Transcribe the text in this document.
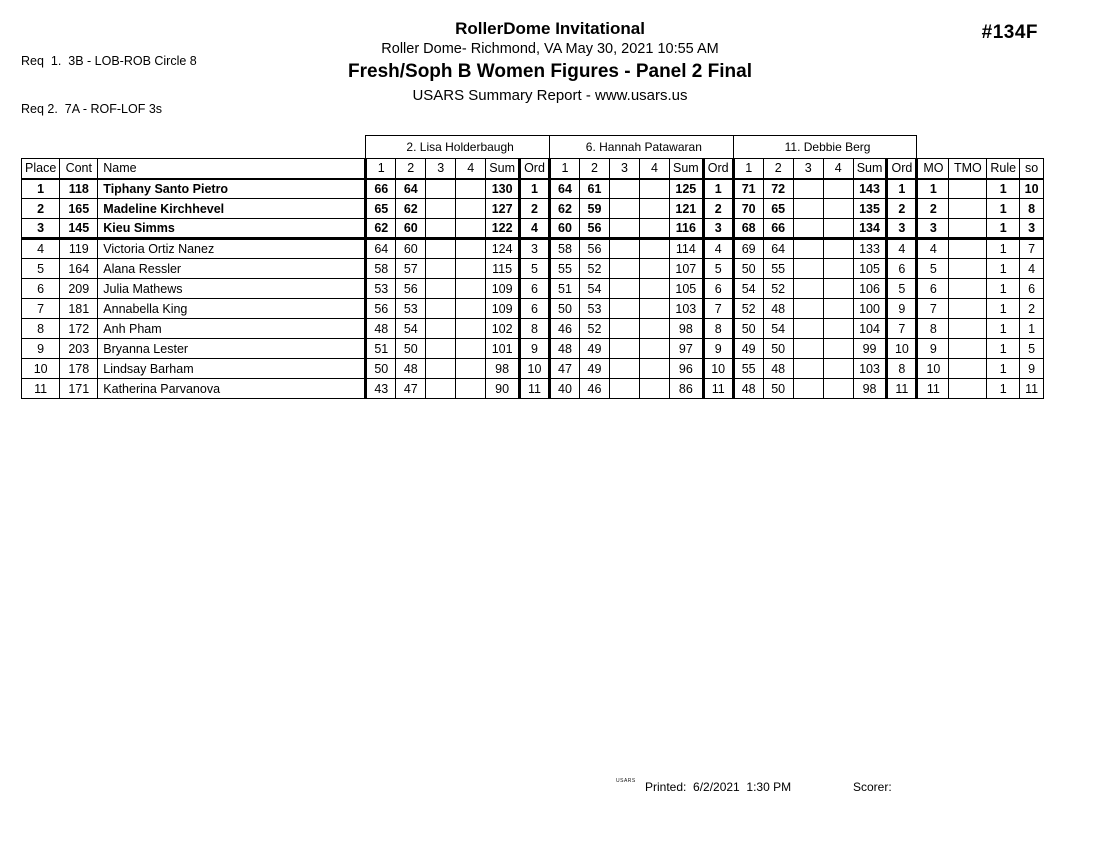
Req  1.  3B - LOB-ROB Circle 8

Req 2.  7A - ROF-LOF 3s

RollerDome Invitational
Roller Dome- Richmond, VA May 30, 2021 10:55 AM
Fresh/Soph B Women Figures - Panel 2 Final
USARS Summary Report - www.usars.us
#134F
			2. Lisa Holderbaugh						6. Hannah Patawaran						11. Debbie Berg									
Place	Cont	Name	1	2	3	4	Sum	Ord	1	2	3	4	Sum	Ord	1	2	3	4	Sum	Ord	MO	TMO	Rule	so
1	118	Tiphany Santo Pietro	66	64			130	1	64	61			125	1	71	72			143	1	1		1	10
2	165	Madeline Kirchhevel	65	62			127	2	62	59			121	2	70	65			135	2	2		1	8
3	145	Kieu Simms	62	60			122	4	60	56			116	3	68	66			134	3	3		1	3
4	119	Victoria Ortiz Nanez	64	60			124	3	58	56			114	4	69	64			133	4	4		1	7
5	164	Alana Ressler	58	57			115	5	55	52			107	5	50	55			105	6	5		1	4
6	209	Julia Mathews	53	56			109	6	51	54			105	6	54	52			106	5	6		1	6
7	181	Annabella King	56	53			109	6	50	53			103	7	52	48			100	9	7		1	2
8	172	Anh Pham	48	54			102	8	46	52			98	8	50	54			104	7	8		1	1
9	203	Bryanna Lester	51	50			101	9	48	49			97	9	49	50			99	10	9		1	5
10	178	Lindsay Barham	50	48			98	10	47	49			96	10	55	48			103	8	10		1	9
11	171	Katherina Parvanova	43	47			90	11	40	46			86	11	48	50			98	11	11		1	11
USARS Printed:  6/2/2021  1:30 PM	Scorer:
